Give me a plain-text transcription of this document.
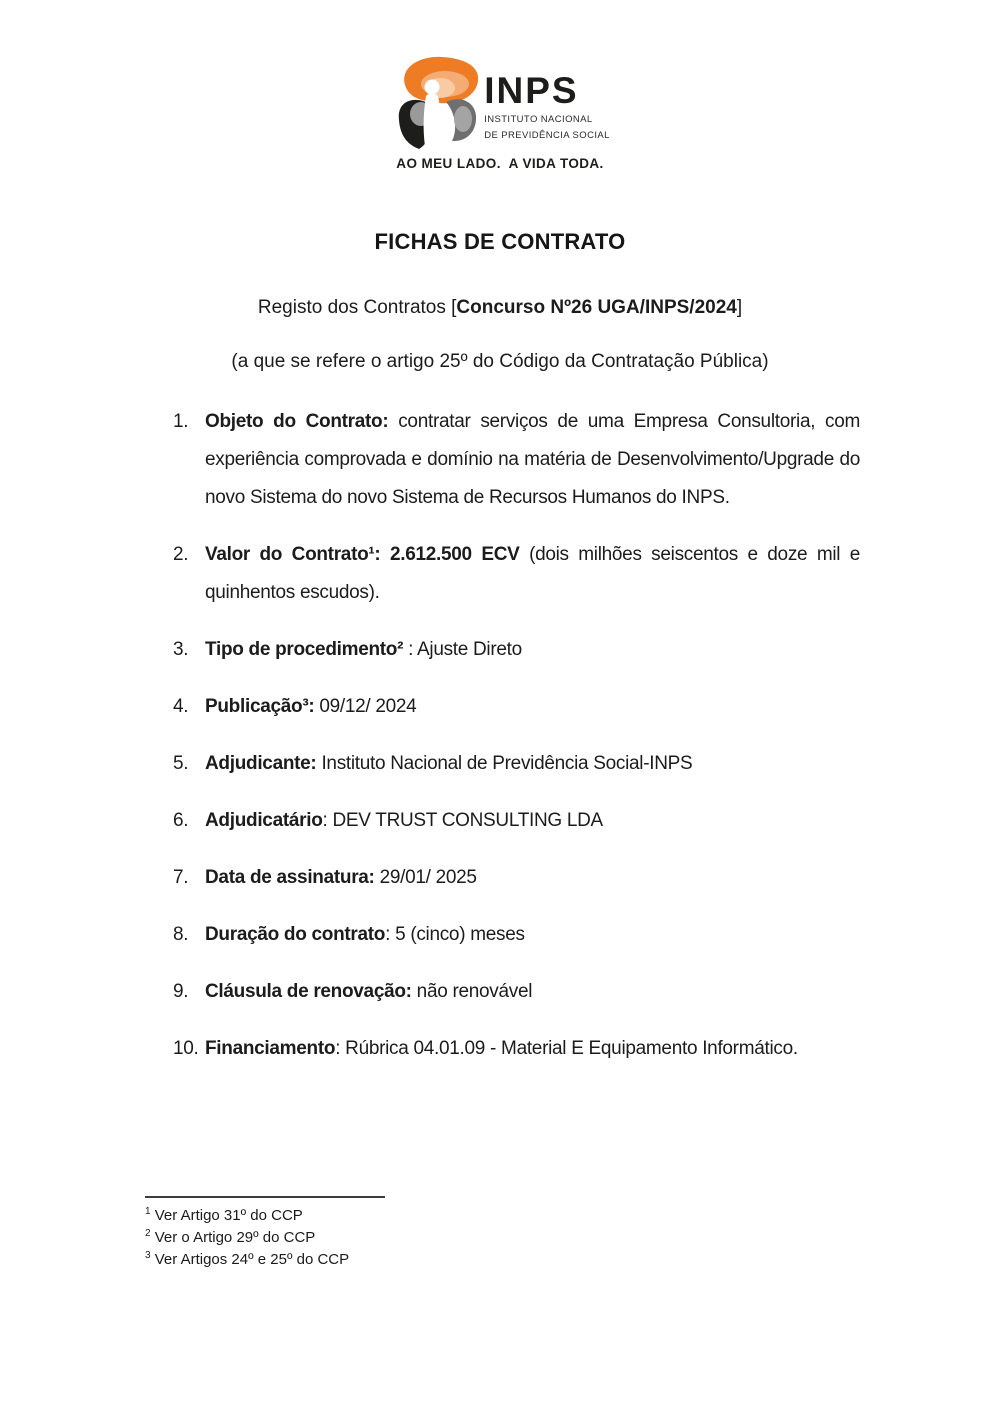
INPS
INSTITUTO NACIONAL
DE PREVIDÊNCIA SOCIAL
AO MEU LADO.  A VIDA TODA.
FICHAS DE CONTRATO
Registo dos Contratos [Concurso Nº26 UGA/INPS/2024]
(a que se refere o artigo 25º do Código da Contratação Pública)
1. Objeto do Contrato: contratar serviços de uma Empresa Consultoria, com experiência comprovada e domínio na matéria de Desenvolvimento/Upgrade do novo Sistema do novo Sistema de Recursos Humanos do INPS.

2. Valor do Contrato¹: 2.612.500 ECV (dois milhões seiscentos e doze mil e quinhentos escudos).

3. Tipo de procedimento² : Ajuste Direto

4. Publicação³: 09/12/ 2024

5. Adjudicante: Instituto Nacional de Previdência Social-INPS

6. Adjudicatário: DEV TRUST CONSULTING LDA

7. Data de assinatura: 29/01/ 2025

8. Duração do contrato: 5 (cinco) meses

9. Cláusula de renovação: não renovável

10. Financiamento: Rúbrica 04.01.09 - Material E Equipamento Informático.

$^1$ Ver Artigo 31º do CCP
$^2$ Ver o Artigo 29º do CCP
$^3$ Ver Artigos 24º e 25º do CCP
